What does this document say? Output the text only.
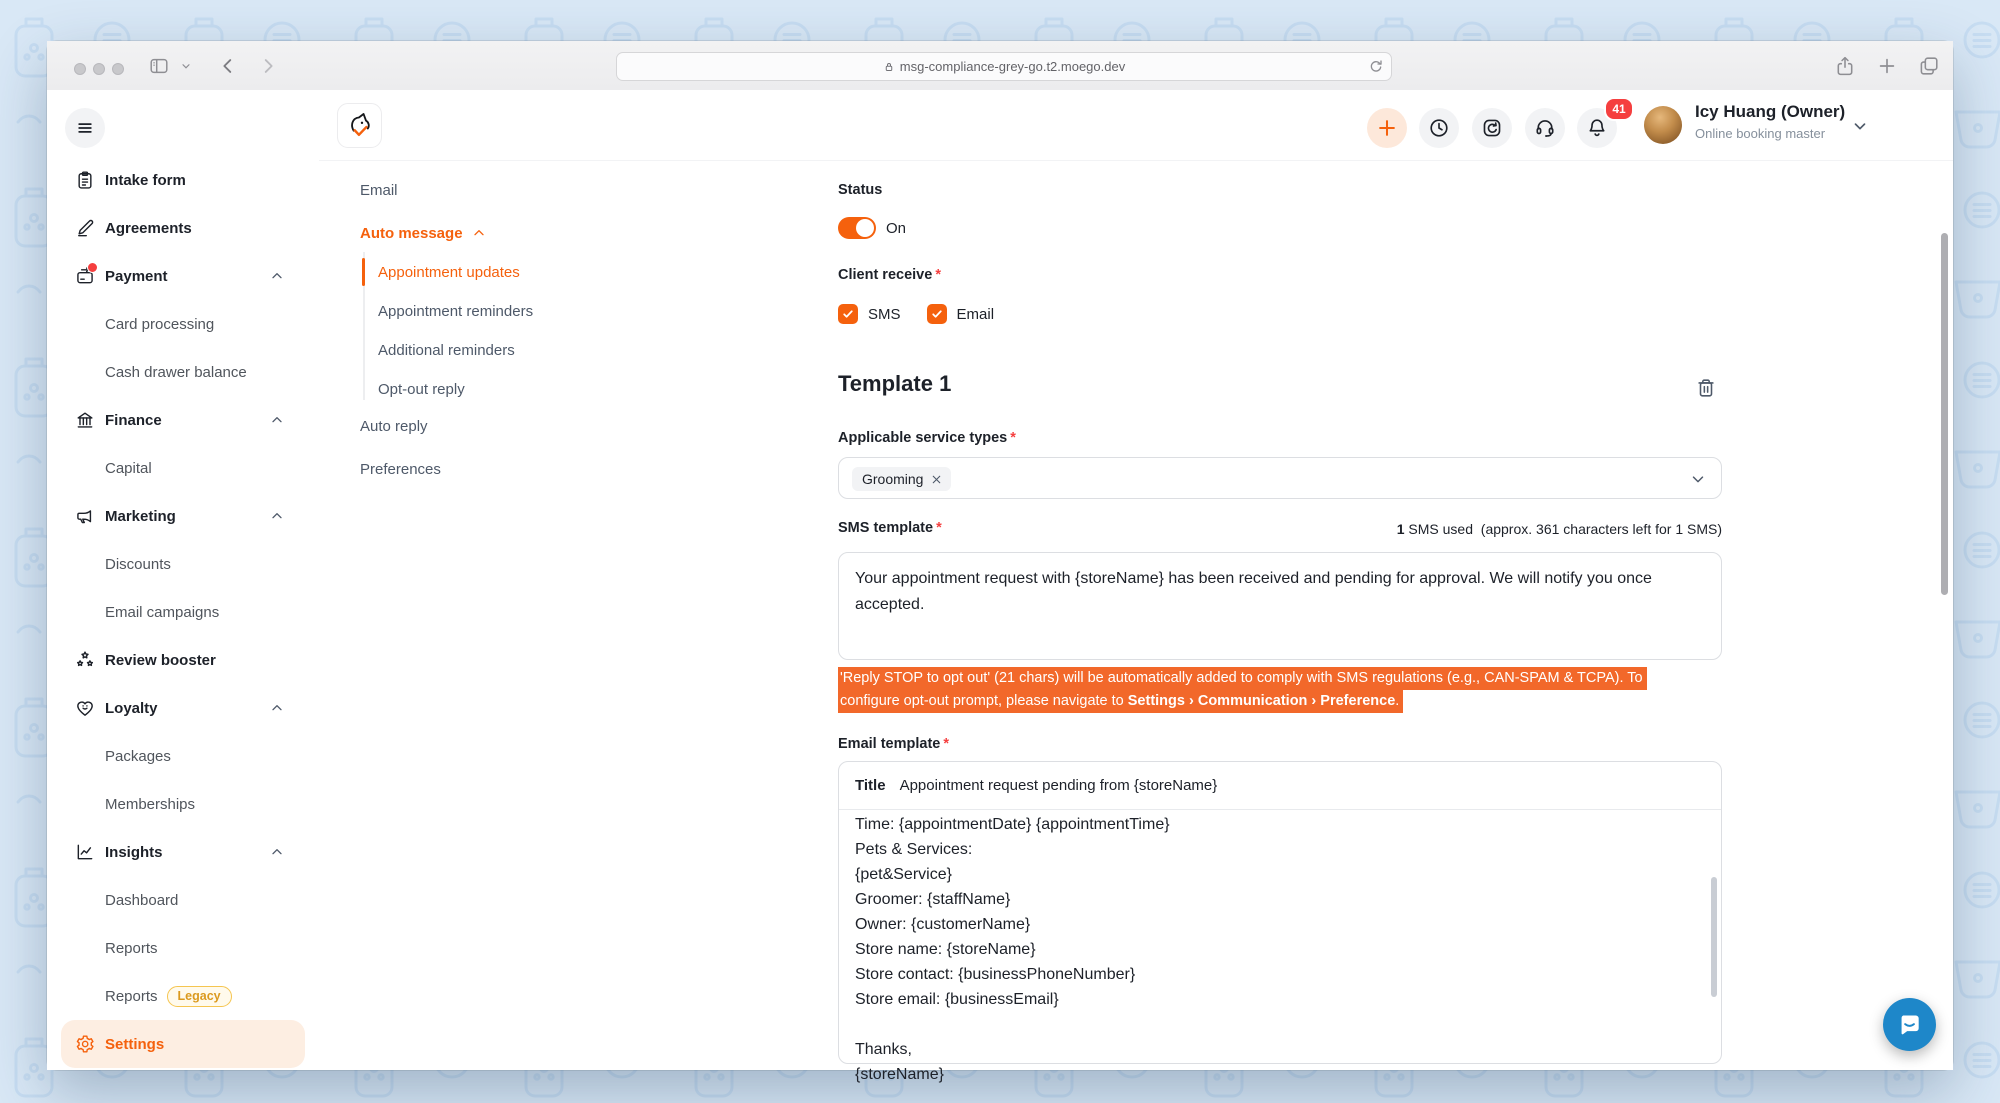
msg-compliance-grey-go.t2.moego.dev
Intake form
Agreements
Payment
Card processing
Cash drawer balance
Finance
Capital
Marketing
Discounts
Email campaigns
Review booster
Loyalty
Packages
Memberships
Insights
Dashboard
Reports
Reports	Legacy
Settings
41	Icy Huang (Owner)
Online booking master
Email
Auto message
Appointment updates
Appointment reminders
Additional reminders
Opt-out reply
Auto reply
Preferences
Status
On
Client receive *
SMS	Email
Template 1
Applicable service types *
Grooming
SMS template *	1 SMS used  (approx. 361 characters left for 1 SMS)
Your appointment request with {storeName} has been received and pending for approval. We will notify you once accepted.
'Reply STOP to opt out' (21 chars) will be automatically added to comply with SMS regulations (e.g., CAN-SPAM & TCPA). To
configure opt-out prompt, please navigate to Settings › Communication › Preference.
Email template *
Title Appointment request pending from {storeName}
Time: {appointmentDate} {appointmentTime}
Pets & Services:
{pet&Service}
Groomer: {staffName}
Owner: {customerName}
Store name: {storeName}
Store contact: {businessPhoneNumber}
Store email: {businessEmail}

Thanks,
{storeName}
